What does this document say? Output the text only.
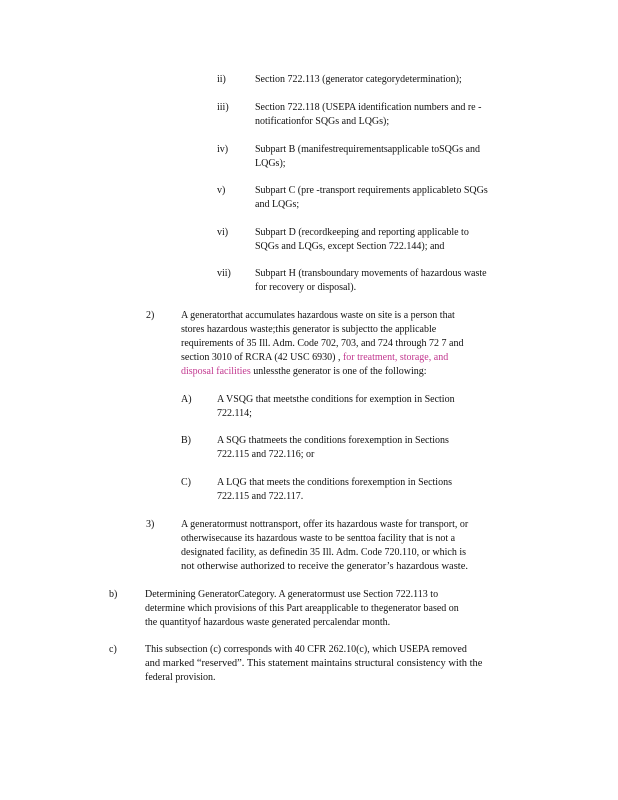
ii)	Section 722.113 (generator categorydetermination);
iii)	Section 722.118 (USEPA identification numbers and re -
notificationfor SQGs and LQGs);
iv)	Subpart B (manifestrequirementsapplicable toSQGs and
LQGs);
v)	Subpart C (pre -transport requirements applicableto SQGs
and LQGs;
vi)	Subpart D (recordkeeping and reporting applicable to
SQGs and LQGs, except Section 722.144); and
vii) Subpart H (transboundary movements of hazardous waste
for recovery or disposal).
2)	A generatorthat accumulates hazardous waste on site is a person that
stores hazardous waste;this generator is subjectto the applicable
requirements of 35 Ill. Adm. Code 702, 703, and 724 through 72 7 and
section 3010 of RCRA (42 USC 6930) , for treatment, storage, and
disposal facilities unlessthe generator is one of the following:
A)	A VSQG that meetsthe conditions for exemption in Section
722.114;
B)	A SQG thatmeets the conditions forexemption in Sections
722.115 and 722.116; or
C)	A LQG that meets the conditions forexemption in Sections
722.115 and 722.117.
3)	A generatormust nottransport, offer its hazardous waste for transport, or
otherwisecause its hazardous waste to be senttoa facility that is not a
designated facility, as definedin 35 Ill. Adm. Code 720.110, or which is
not otherwise authorized to receive the generator’s hazardous waste.
b)	Determining GeneratorCategory. A generatormust use Section 722.113 to
determine which provisions of this Part areapplicable to thegenerator based on
the quantityof hazardous waste generated percalendar month.
c)	This subsection (c) corresponds with 40 CFR 262.10(c), which USEPA removed
and marked “reserved”. This statement maintains structural consistency with the
federal provision.
